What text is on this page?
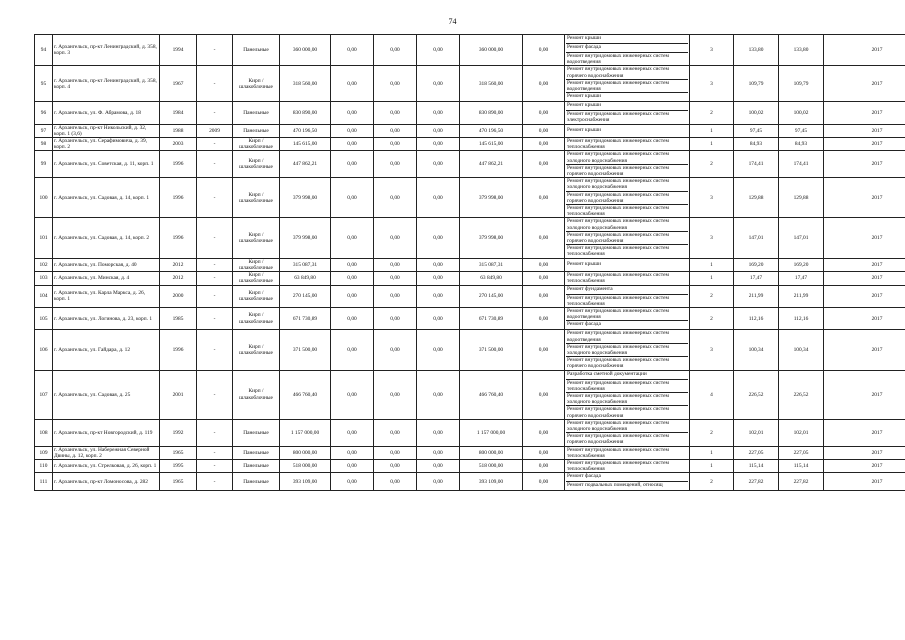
74
94	г. Архангельск, пр-кт Ленинградский, д. 358, корп. 3	1994	-	Панельные	360 000,00	0,00	0,00	0,00	360 000,00	0,00	Ремонт крыши
Ремонт фасада
Ремонт внутридомовых инженерных систем водоотведения	3	133,80	133,80	2017
95	г. Архангельск, пр-кт Ленинградский, д. 358, корп. 4	1967	-	Кирп / шлакоблочные	318 560,00	0,00	0,00	0,00	318 560,00	0,00	Ремонт внутридомовых инженерных систем горячего водоснабжения
Ремонт внутридомовых инженерных систем водоотведения
Ремонт крыши	3	109,79	109,79	2017
96	г. Архангельск, ул. Ф. Абрамова, д. 18	1984	-	Панельные	830 890,00	0,00	0,00	0,00	830 890,00	0,00	Ремонт крыши
Ремонт внутридомовых инженерных систем электроснабжения	2	100,02	100,02	2017
97	г. Архангельск, пр-кт Никольский, д. 32, корп. 1 (3,6)	1988	2009	Панельные	470 196,50	0,00	0,00	0,00	470 196,50	0,00	Ремонт крыши	1	97,45	97,45	2017
98	г. Архангельск, ул. Серафимовича, д. 39, корп. 2	2003	-	Кирп / шлакоблочные	145 615,00	0,00	0,00	0,00	145 615,00	0,00	Ремонт внутридомовых инженерных систем теплоснабжения	1	84,93	84,93	2017
99	г. Архангельск, ул. Советская, д. 11, корп. 1	1996	-	Кирп / шлакоблочные	447 862,21	0,00	0,00	0,00	447 862,21	0,00	Ремонт внутридомовых инженерных систем холодного водоснабжения
Ремонт внутридомовых инженерных систем горячего водоснабжения	2	174,41	174,41	2017
100	г. Архангельск, ул. Садовая, д. 14, корп. 1	1996	-	Кирп / шлакоблочные	379 998,00	0,00	0,00	0,00	379 998,00	0,00	Ремонт внутридомовых инженерных систем холодного водоснабжения
Ремонт внутридомовых инженерных систем горячего водоснабжения
Ремонт внутридомовых инженерных систем теплоснабжения	3	129,88	129,88	2017
101	г. Архангельск, ул. Садовая, д. 14, корп. 2	1996	-	Кирп / шлакоблочные	379 998,00	0,00	0,00	0,00	379 998,00	0,00	Ремонт внутридомовых инженерных систем холодного водоснабжения
Ремонт внутридомовых инженерных систем горячего водоснабжения
Ремонт внутридомовых инженерных систем теплоснабжения	3	147,01	147,01	2017
102	г. Архангельск, ул. Поморская, д. 40	2012	-	Кирп / шлакоблочные	315 087,31	0,00	0,00	0,00	315 087,31	0,00	Ремонт крыши	1	169,20	169,20	2017
103	г. Архангельск, ул. Минская, д. 4	2012	-	Кирп / шлакоблочные	63 849,80	0,00	0,00	0,00	63 849,80	0,00	Ремонт внутридомовых инженерных систем теплоснабжения	1	17,47	17,47	2017
104	г. Архангельск, ул. Карла Маркса, д. 26, корп. 1	2000	-	Кирп / шлакоблочные	270 145,00	0,00	0,00	0,00	270 145,00	0,00	Ремонт фундамента
Ремонт внутридомовых инженерных систем теплоснабжения	2	211,99	211,99	2017
105	г. Архангельск, ул. Логинова, д. 23, корп. 1	1985	-	Кирп / шлакоблочные	671 730,89	0,00	0,00	0,00	671 730,89	0,00	Ремонт внутридомовых инженерных систем водоотведения
Ремонт фасада	2	112,16	112,16	2017
106	г. Архангельск, ул. Гайдара, д. 12	1996	-	Кирп / шлакоблочные	371 500,00	0,00	0,00	0,00	371 500,00	0,00	Ремонт внутридомовых инженерных систем водоотведения
Ремонт внутридомовых инженерных систем холодного водоснабжения
Ремонт внутридомовых инженерных систем горячего водоснабжения	3	100,34	100,34	2017
107	г. Архангельск, ул. Садовая, д. 25	2001	-	Кирп / шлакоблочные	466 760,40	0,00	0,00	0,00	466 760,40	0,00	Разработка сметной документации
Ремонт внутридомовых инженерных систем теплоснабжения
Ремонт внутридомовых инженерных систем холодного водоснабжения
Ремонт внутридомовых инженерных систем горячего водоснабжения	4	226,52	226,52	2017
108	г. Архангельск, пр-кт Новгородский, д. 119	1992	-	Панельные	1 157 000,00	0,00	0,00	0,00	1 157 000,00	0,00	Ремонт внутридомовых инженерных систем холодного водоснабжения
Ремонт внутридомовых инженерных систем горячего водоснабжения	2	102,01	102,01	2017
109	г. Архангельск, ул. Набережная Северной Двины, д. 12, корп. 2	1965	-	Панельные	800 000,00	0,00	0,00	0,00	800 000,00	0,00	Ремонт внутридомовых инженерных систем теплоснабжения	1	227,05	227,05	2017
110	г. Архангельск, ул. Стрелковая, д. 26, корп. 1	1995	-	Панельные	518 000,00	0,00	0,00	0,00	518 000,00	0,00	Ремонт внутридомовых инженерных систем теплоснабжения	1	115,14	115,14	2017
111	г. Архангельск, пр-кт Ломоносова, д. 282	1965	-	Панельные	393 109,00	0,00	0,00	0,00	393 109,00	0,00	Ремонт фасада
Ремонт подвальных помещений, относящ	2	227,82	227,82	2017
